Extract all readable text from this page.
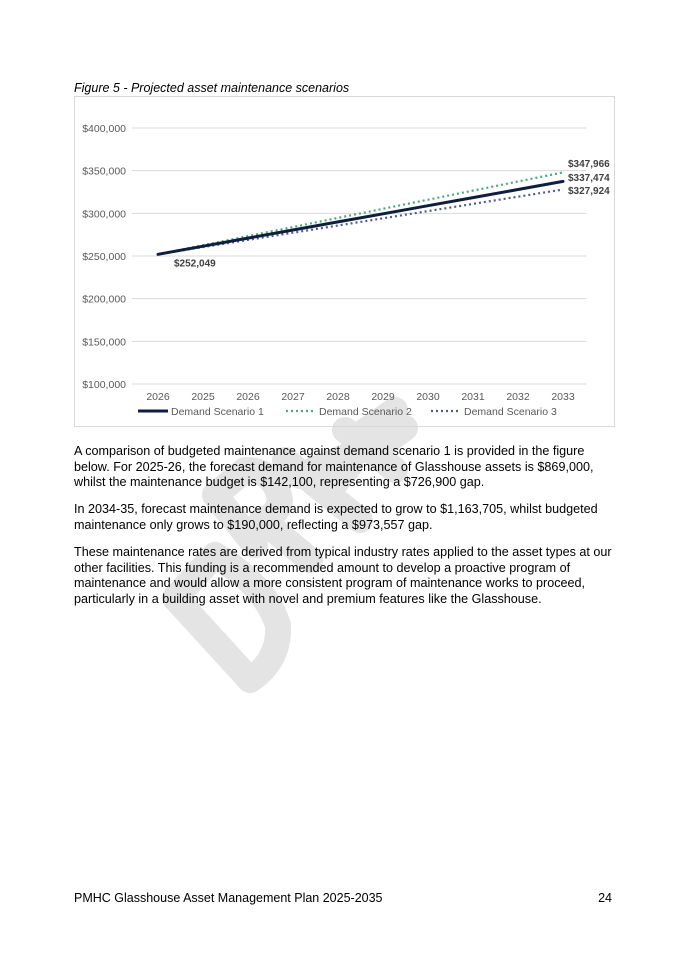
Figure 5 - Projected asset maintenance scenarios
$100,000
$150,000
$200,000
$250,000
$300,000
$350,000
$400,000
2026 2025 2026 2027 2028 2029 2030 2031 2032 2033
$252,049
$347,966
$337,474
$327,924
Demand Scenario 1	Demand Scenario 2	Demand Scenario 3
A comparison of budgeted maintenance against demand scenario 1 is provided in the figure below. For 2025-26, the forecast demand for maintenance of Glasshouse assets is $869,000, whilst the maintenance budget is $142,100, representing a $726,900 gap.
In 2034-35, forecast maintenance demand is expected to grow to $1,163,705, whilst budgeted maintenance only grows to $190,000, reflecting a $973,557 gap.
These maintenance rates are derived from typical industry rates applied to the asset types at our other facilities. This funding is a recommended amount to develop a proactive program of maintenance and would allow a more consistent program of maintenance works to proceed, particularly in a building asset with novel and premium features like the Glasshouse.
PMHC Glasshouse Asset Management Plan 2025-2035	24
